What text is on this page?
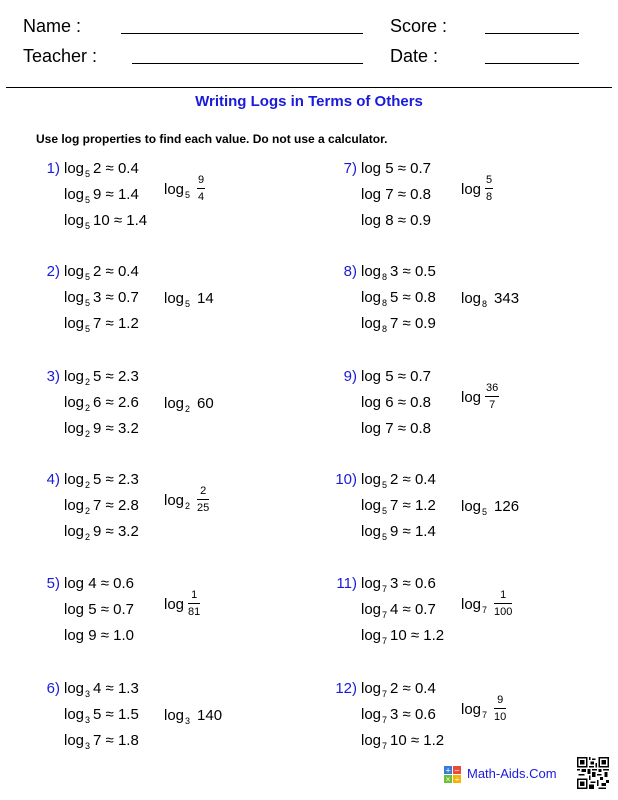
Name :	Score :
Teacher :	Date :
Writing Logs in Terms of Others
Use log properties to find each value. Do not use a calculator.
1) $\log_5 2 \approx 0.4$
$\log_5 9 \approx 1.4$
$\log_5 10 \approx 1.4$
$\log 5 \frac{9}{4}$
2) $\log_5 2 \approx 0.4$
$\log_5 3 \approx 0.7$
$\log_5 7 \approx 1.2$
log5 14
3) $\log_2 5 \approx 2.3$
$\log_2 6 \approx 2.6$
$\log_2 9 \approx 3.2$
log2 60
4) $\log_2 5 \approx 2.3$
$\log_2 7 \approx 2.8$
$\log_2 9 \approx 3.2$
$\log 2 \frac{2}{25}$
5) log 4 ≈ 0.6
log 5 ≈ 0.7
log 9 ≈ 1.0
$\log \frac{1}{81}$
6) $\log_3 4 \approx 1.3$
$\log_3 5 \approx 1.5$
$\log_3 7 \approx 1.8$
log3 140
7) log 5 ≈ 0.7
log 7 ≈ 0.8
log 8 ≈ 0.9
$\log \frac{5}{8}$
8) $\log_8 3 \approx 0.5$
$\log_8 5 \approx 0.8$
$\log_8 7 \approx 0.9$
log8 343
9) log 5 ≈ 0.7
log 6 ≈ 0.8
log 7 ≈ 0.8
$\log \frac{36}{7}$
10) $\log_5 2 \approx 0.4$
$\log_5 7 \approx 1.2$
$\log_5 9 \approx 1.4$
log5 126
11) $\log_7 3 \approx 0.6$
$\log_7 4 \approx 0.7$
$\log_7 10 \approx 1.2$
$\log 7 \frac{1}{100}$
12) $\log_7 2 \approx 0.4$
$\log_7 3 \approx 0.6$
$\log_7 10 \approx 1.2$
$\log 7 \frac{9}{10}$
+ −
× ÷ Math-Aids.Com
